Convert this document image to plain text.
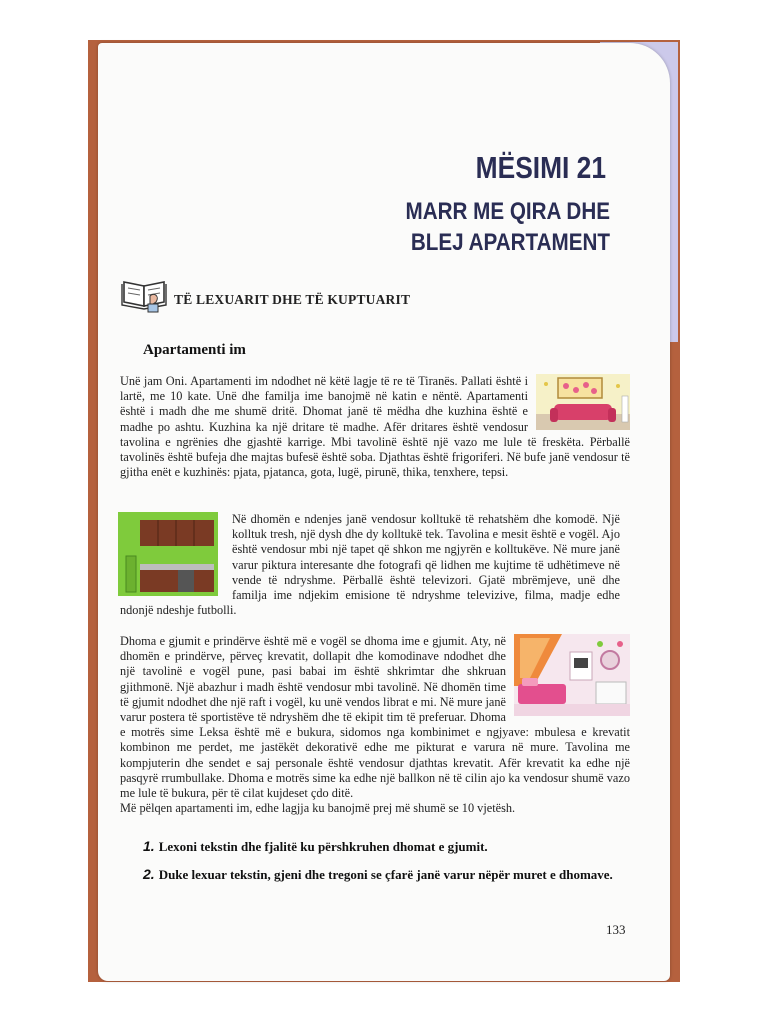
MËSIMI 21
MARR ME QIRA DHE
BLEJ APARTAMENT
TË LEXUARIT DHE TË KUPTUARIT
Apartamenti im
Unë jam Oni. Apartamenti im ndodhet në këtë lagje të re të Tiranës. Pallati është i lartë, me 10 kate. Unë dhe familja ime banojmë në katin e nëntë. Apartamenti është i madh dhe me shumë dritë. Dhomat janë të mëdha dhe kuzhina është e madhe po ashtu. Kuzhina ka një dritare të madhe. Afër dritares është vendosur tavolina e ngrënies dhe gjashtë karrige. Mbi tavolinë është një vazo me lule të freskëta. Përballë tavolinës është bufeja dhe majtas bufesë është soba. Djathtas është frigoriferi. Në bufe janë vendosur të gjitha enët e kuzhinës: pjata, pjatanca, gota, lugë, pirunë, thika, tenxhere, tepsi.
Në dhomën e ndenjes janë vendosur kolltukë të rehatshëm dhe komodë. Një kolltuk tresh, një dysh dhe dy kolltukë tek. Tavolina e mesit është e vogël. Ajo është vendosur mbi një tapet që shkon me ngjyrën e kolltukëve. Në mure janë varur piktura interesante dhe fotografi që lidhen me kujtime të udhëtimeve në vende të ndryshme. Përballë është televizori. Gjatë mbrëmjeve, unë dhe familja ime ndjekim emisione të ndryshme televizive, filma, madje edhe ndonjë ndeshje futbolli.
Dhoma e gjumit e prindërve është më e vogël se dhoma ime e gjumit. Aty, në dhomën e prindërve, përveç krevatit, dollapit dhe komodinave ndodhet dhe një tavolinë e vogël pune, pasi babai im është shkrimtar dhe shkruan gjithmonë. Një abazhur i madh është vendosur mbi tavolinë. Në dhomën time të gjumit ndodhet dhe një raft i vogël, ku unë vendos librat e mi. Në mure janë varur postera të sportistëve të ndryshëm dhe të ekipit tim të preferuar. Dhoma e motrës sime Leksa është më e bukura, sidomos nga kombinimet e ngjyave: mbulesa e krevatit kombinon me perdet, me jastëkët dekorativë edhe me pikturat e varura në mure. Tavolina me kompjuterin dhe sendet e saj personale është vendosur djathtas krevatit. Afër krevatit ka edhe një pasqyrë rrumbullake. Dhoma e motrës sime ka edhe një ballkon në të cilin ajo ka vendosur shumë vazo me lule të bukura, për të cilat kujdeset çdo ditë.
Më pëlqen apartamenti im, edhe lagjja ku banojmë prej më shumë se 10 vjetësh.
1. Lexoni tekstin dhe fjalitë ku përshkruhen dhomat e gjumit.
2. Duke lexuar tekstin, gjeni dhe tregoni se çfarë janë varur nëpër muret e dhomave.
133
